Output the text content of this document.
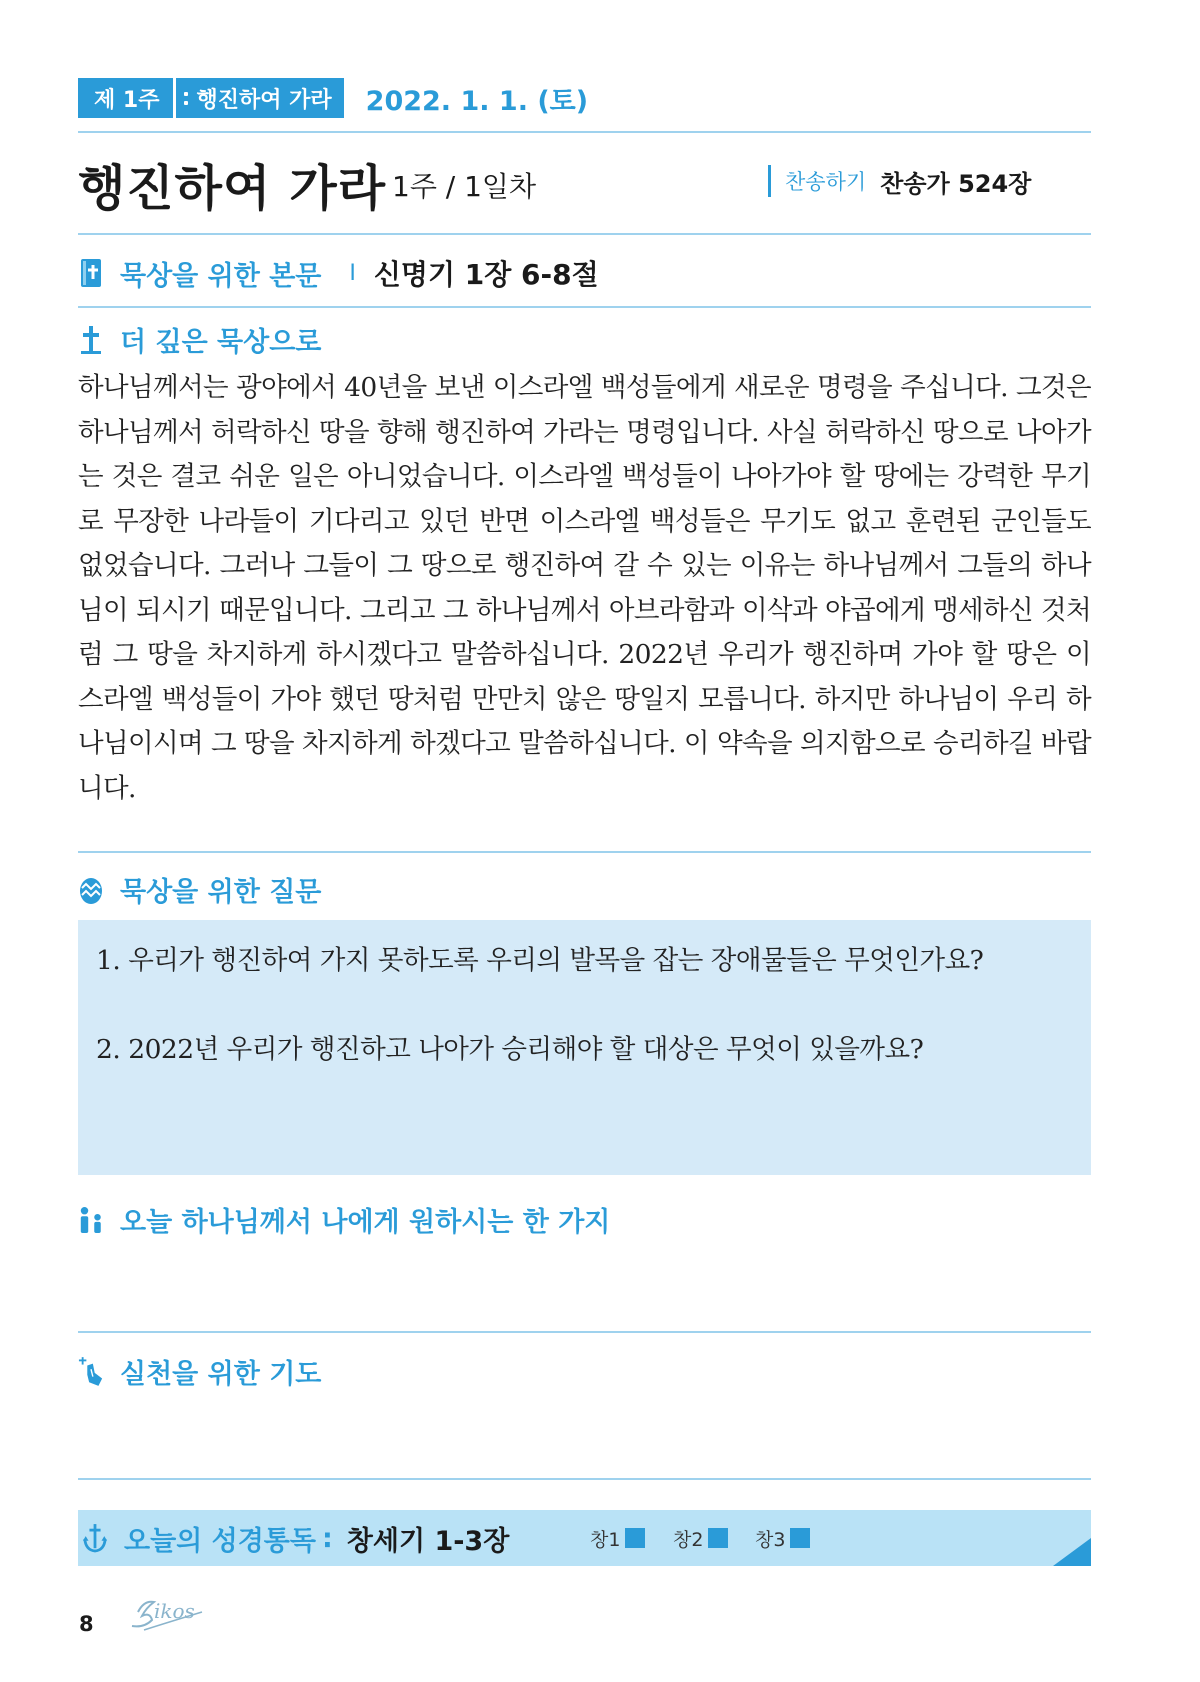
제 1주	행진하여 가라	2022. 1. 1. (토)
행진하여 가라 1주 / 1일차	찬송하기 찬송가 524장
묵상을 위한 본문 I 신명기 1장 6-8절
더 깊은 묵상으로
하나님께서는 광야에서 40년을 보낸 이스라엘 백성들에게 새로운 명령을 주십니다. 그것은 하나님께서 허락하신 땅을 향해 행진하여 가라는 명령입니다. 사실 허락하신 땅으로 나아가는 것은 결코 쉬운 일은 아니었습니다. 이스라엘 백성들이 나아가야 할 땅에는 강력한 무기로 무장한 나라들이 기다리고 있던 반면 이스라엘 백성들은 무기도 없고 훈련된 군인들도 없었습니다. 그러나 그들이 그 땅으로 행진하여 갈 수 있는 이유는 하나님께서 그들의 하나님이 되시기 때문입니다. 그리고 그 하나님께서 아브라함과 이삭과 야곱에게 맹세하신 것처럼 그 땅을 차지하게 하시겠다고 말씀하십니다. 2022년 우리가 행진하며 가야 할 땅은 이스라엘 백성들이 가야 했던 땅처럼 만만치 않은 땅일지 모릅니다. 하지만 하나님이 우리 하나님이시며 그 땅을 차지하게 하겠다고 말씀하십니다. 이 약속을 의지함으로 승리하길 바랍니다.
묵상을 위한 질문
1. 우리가 행진하여 가지 못하도록 우리의 발목을 잡는 장애물들은 무엇인가요?
2. 2022년 우리가 행진하고 나아가 승리해야 할 대상은 무엇이 있을까요?
오늘 하나님께서 나에게 원하시는 한 가지
실천을 위한 기도
오늘의 성경통독 : 창세기 1-3장	창1	창2	창3
8
ikos
